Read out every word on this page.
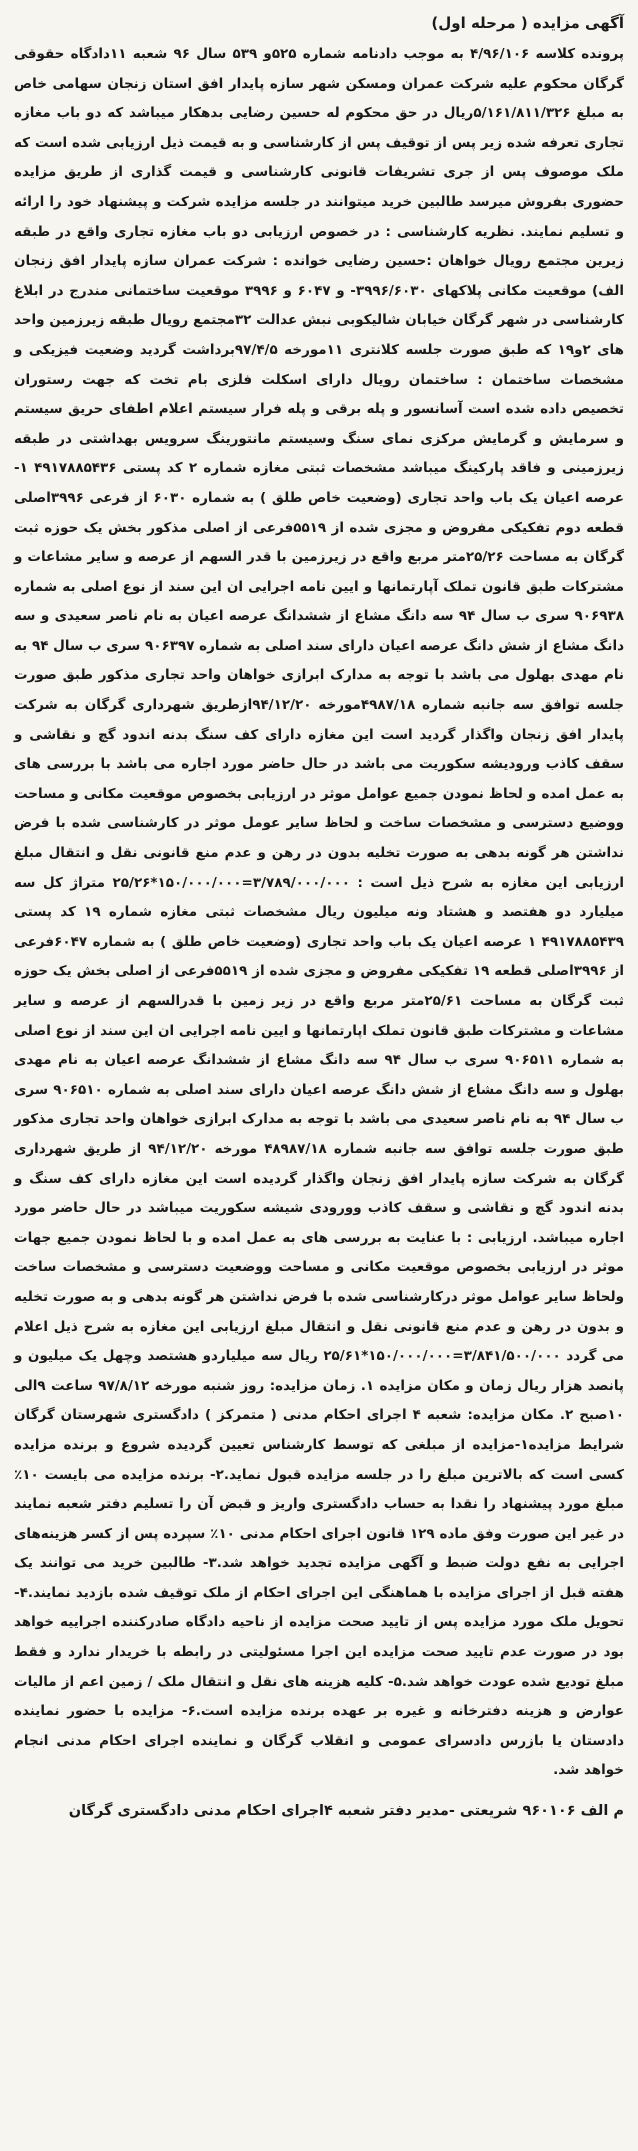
آگهی مزایده ( مرحله اول)
پرونده کلاسه ۴/۹۶/۱۰۶ به موجب دادنامه شماره ۵۲۵و ۵۳۹ سال ۹۶ شعبه ۱۱دادگاه حقوقی گرگان محکوم علیه شرکت عمران ومسکن شهر سازه پایدار افق استان زنجان سهامی خاص به مبلغ ۵/۱۶۱/۸۱۱/۳۲۶ریال در حق محکوم له حسین رضایی بدهکار میباشد که دو باب مغازه تجاری تعرفه شده زیر پس از توقیف پس از کارشناسی و به قیمت ذیل ارزیابی شده است که ملک موصوف پس از جری تشریفات قانونی کارشناسی و قیمت گذاری از طریق مزایده حضوری بفروش میرسد طالبین خرید میتوانند در جلسه مزایده شرکت و پیشنهاد خود را ارائه و تسلیم نمایند. نظریه کارشناسی : در خصوص ارزیابی دو باب مغازه تجاری واقع در طبقه زیرین مجتمع رویال خواهان :حسین رضایی خوانده : شرکت عمران سازه پایدار افق زنجان الف) موقعیت مکانی پلاکهای ۳۹۹۶/۶۰۳۰- و ۶۰۴۷ و ۳۹۹۶ موقعیت ساختمانی مندرج در ابلاغ کارشناسی در شهر گرگان خیابان شالیکوبی نبش عدالت ۳۲مجتمع رویال طبقه زیرزمین واحد های ۲و۱۹ که طبق صورت جلسه کلانتری ۱۱مورخه ۹۷/۴/۵برداشت گردید وضعیت فیزیکی و مشخصات ساختمان : ساختمان رویال دارای اسکلت فلزی بام تخت که جهت رستوران تخصیص داده شده است آسانسور و پله برقی و پله فرار سیستم اعلام اطفای حریق سیستم و سرمایش و گرمایش مرکزی نمای سنگ وسیستم مانتورینگ سرویس بهداشتی در طبقه زیرزمینی و فاقد پارکینگ میباشد مشخصات ثبتی مغازه شماره ۲ کد پستی ۴۹۱۷۸۸۵۴۳۶ ۱-عرصه اعیان یک باب واحد تجاری (وضعیت خاص طلق ) به شماره ۶۰۳۰ از فرعی ۳۹۹۶اصلی قطعه دوم تفکیکی مفروض و مجزی شده از ۵۵۱۹فرعی از اصلی مذکور بخش یک حوزه ثبت گرگان به مساحت ۲۵/۲۶متر مربع واقع در زیرزمین با قدر السهم از عرصه و سایر مشاعات و مشترکات طبق قانون تملک آپارتمانها و ایین نامه اجرایی ان این سند از نوع اصلی به شماره ۹۰۶۹۳۸ سری ب سال ۹۴ سه دانگ مشاع از ششدانگ عرصه اعیان به نام ناصر سعیدی و سه دانگ مشاع از شش دانگ عرصه اعیان دارای سند اصلی به شماره ۹۰۶۳۹۷ سری ب سال ۹۴ به نام مهدی بهلول می باشد با توجه به مدارک ابرازی خواهان واحد تجاری مذکور طبق صورت جلسه توافق سه جانبه شماره ۴۹۸۷/۱۸مورخه ۹۴/۱۲/۲۰ازطریق شهرداری گرگان به شرکت پایدار افق زنجان واگذار گردید است این مغازه دارای کف سنگ بدنه اندود گچ و نقاشی و سقف کاذب ورودیشه سکوریت می باشد در حال حاضر مورد اجاره می باشد با بررسی های به عمل امده و لحاظ نمودن جمیع عوامل موثر در ارزیابی بخصوص موقعیت مکانی و مساحت ووضیع دسترسی و مشخصات ساخت و لحاظ سایر عومل موثر در کارشناسی شده با فرض نداشتن هر گونه بدهی به صورت تخلیه بدون در رهن و عدم منع قانونی نقل و انتقال مبلغ ارزیابی این مغازه به شرح ذیل است : ۳/۷۸۹/۰۰۰/۰۰۰=۱۵۰/۰۰۰/۰۰۰*۲۵/۲۶ متراژ کل سه میلیارد دو هفتصد و هشتاد ونه میلیون ریال مشخصات ثبتی مغازه شماره ۱۹ کد پستی ۴۹۱۷۸۸۵۴۳۹ ۱ عرصه اعیان یک باب واحد تجاری (وضعیت خاص طلق ) به شماره ۶۰۴۷فرعی از ۳۹۹۶اصلی قطعه ۱۹ تفکیکی مفروض و مجزی شده از ۵۵۱۹فرعی از اصلی بخش یک حوزه ثبت گرگان به مساحت ۲۵/۶۱متر مربع واقع در زیر زمین با قدرالسهم از عرصه و سایر مشاعات و مشترکات طبق قانون تملک اپارتمانها و ایین نامه اجرایی ان این سند از نوع اصلی به شماره ۹۰۶۵۱۱ سری ب سال ۹۴ سه دانگ مشاع از ششدانگ عرصه اعیان به نام مهدی بهلول و سه دانگ مشاع از شش دانگ عرصه اعیان دارای سند اصلی به شماره ۹۰۶۵۱۰ سری ب سال ۹۴ به نام ناصر سعیدی می باشد با توجه به مدارک ابرازی خواهان واحد تجاری مذکور طبق صورت جلسه توافق سه جانبه شماره ۴۸۹۸۷/۱۸ مورخه ۹۴/۱۲/۲۰ از طریق شهرداری گرگان به شرکت سازه پایدار افق زنجان واگذار گردیده است این مغازه دارای کف سنگ و بدنه اندود گچ و نقاشی و سقف کاذب وورودی شیشه سکوریت میباشد در حال حاضر مورد اجاره میباشد. ارزیابی : با عنایت به بررسی های به عمل امده و با لحاظ نمودن جمیع جهات موثر در ارزیابی بخصوص موقعیت مکانی و مساحت ووضعیت دسترسی و مشخصات ساخت ولحاظ سایر عوامل موثر درکارشناسی شده با فرض نداشتن هر گونه بدهی و به صورت تخلیه و بدون در رهن و عدم منع قانونی نقل و انتقال مبلغ ارزیابی این مغازه به شرح ذیل اعلام می گردد ۳/۸۴۱/۵۰۰/۰۰۰=۱۵۰/۰۰۰/۰۰۰*۲۵/۶۱ ریال سه میلیاردو هشتصد وچهل یک میلیون و پانصد هزار ریال زمان و مکان مزایده ۱. زمان مزایده: روز شنبه مورخه ۹۷/۸/۱۲ ساعت ۹الی ۱۰صبح ۲. مکان مزایده: شعبه ۴ اجرای احکام مدنی ( متمرکز ) دادگستری شهرستان گرگان شرایط مزایده۱-مزایده از مبلغی که توسط کارشناس تعیین گردیده شروع و برنده مزایده کسی است که بالاترین مبلغ را در جلسه مزایده قبول نماید.۲- برنده مزایده می بایست ۱۰٪ مبلغ مورد پیشنهاد را نقدا به حساب دادگستری واریز و قبض آن را تسلیم دفتر شعبه نمایند در غیر این صورت وفق ماده ۱۲۹ قانون اجرای احکام مدنی ۱۰٪ سپرده پس از کسر هزینه‌های اجرایی به نفع دولت ضبط و آگهی مزایده تجدید خواهد شد.۳- طالبین خرید می توانند یک هفته قبل از اجرای مزایده با هماهنگی این اجرای احکام از ملک توقیف شده بازدید نمایند.۴- تحویل ملک مورد مزایده پس از تایید صحت مزایده از ناحیه دادگاه صادرکننده اجراییه خواهد بود در صورت عدم تایید صحت مزایده این اجرا مسئولیتی در رابطه با خریدار ندارد و فقط مبلغ تودیع شده عودت خواهد شد.۵- کلیه هزینه های نقل و انتقال ملک / زمین اعم از مالیات عوارض و هزینه دفترخانه و غیره بر عهده برنده مزایده است.۶- مزایده با حضور نماینده دادستان یا بازرس دادسرای عمومی و انقلاب گرگان و نماینده اجرای احکام مدنی انجام خواهد شد.
م الف ۹۶۰۱۰۶ شریعتی -مدیر دفتر شعبه ۴اجرای احکام مدنی دادگستری گرگان
